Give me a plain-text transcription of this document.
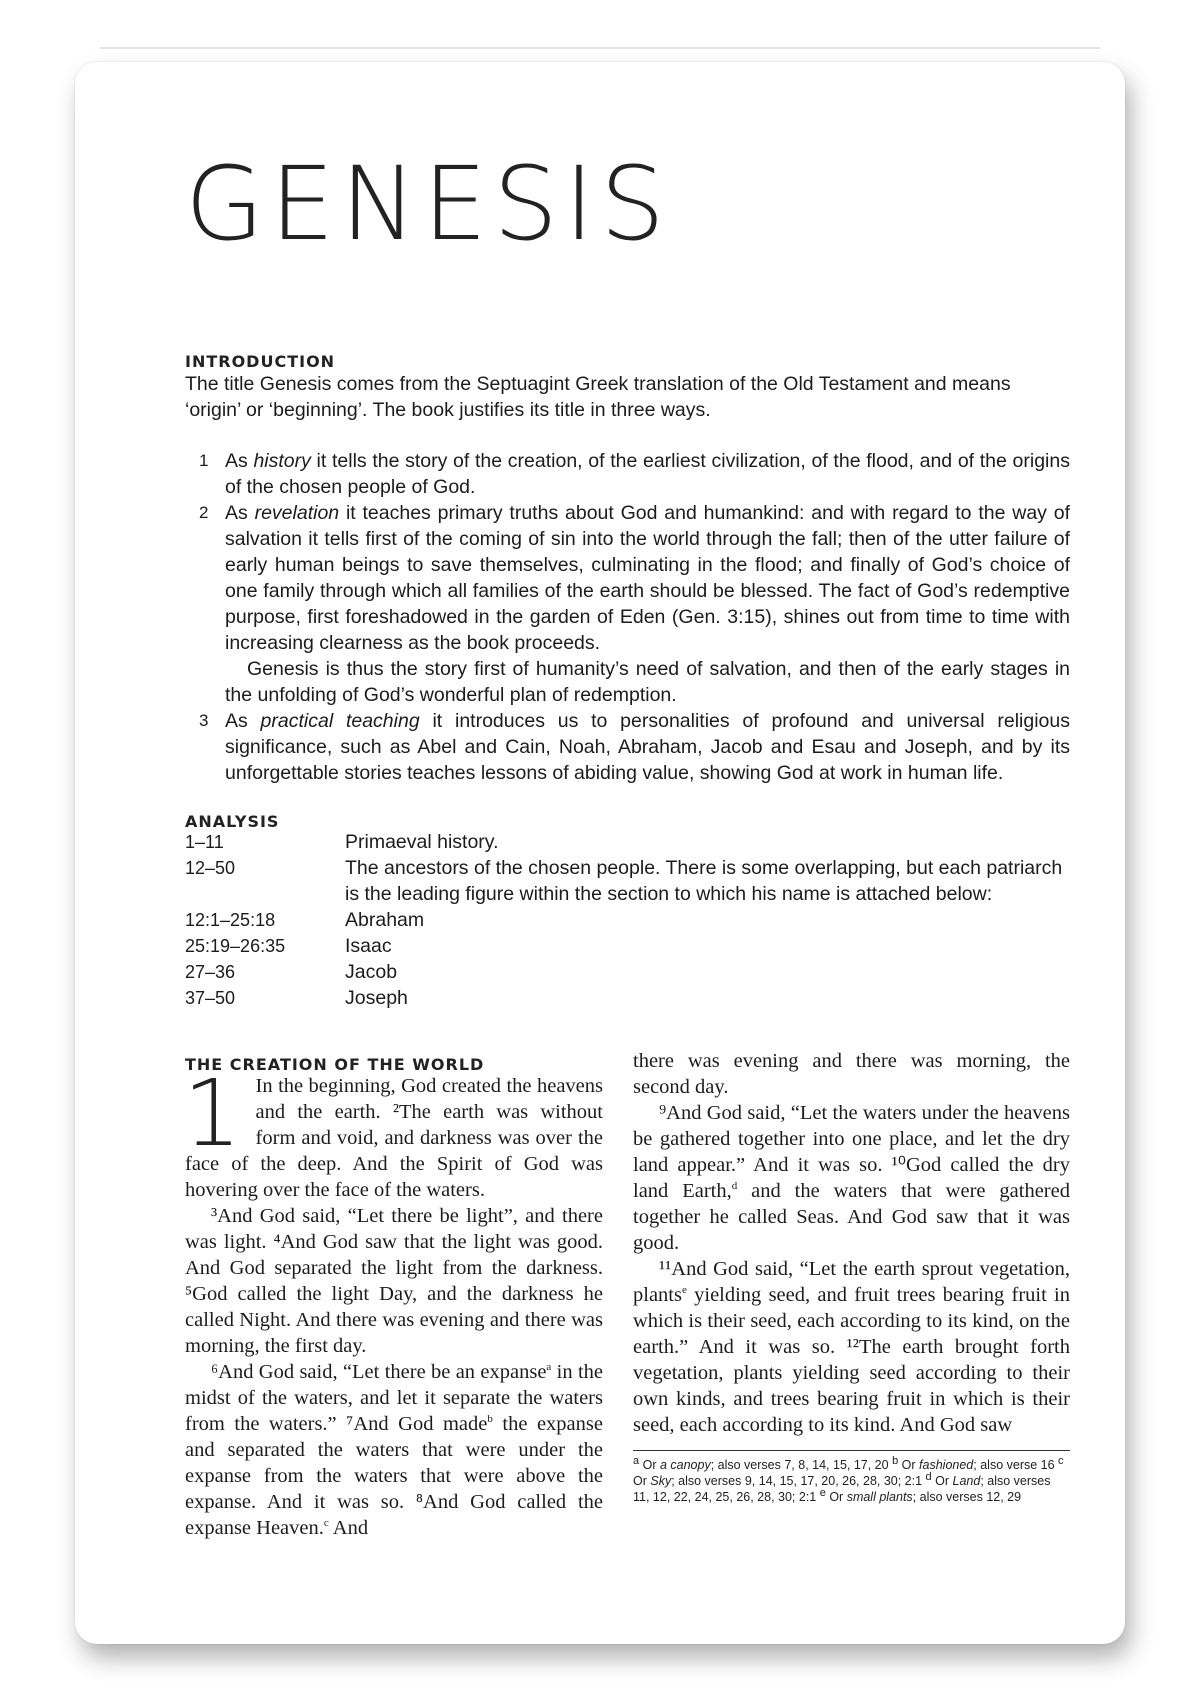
GENESIS
INTRODUCTION
The title Genesis comes from the Septuagint Greek translation of the Old Testament and means ‘origin’ or ‘beginning’. The book justifies its title in three ways.
1 As history it tells the story of the creation, of the earliest civilization, of the flood, and of the origins of the chosen people of God.
2 As revelation it teaches primary truths about God and humankind: and with regard to the way of salvation it tells first of the coming of sin into the world through the fall; then of the utter failure of early human beings to save themselves, culminating in the flood; and finally of God’s choice of one family through which all families of the earth should be blessed. The fact of God’s redemptive purpose, first foreshadowed in the garden of Eden (Gen. 3:15), shines out from time to time with increasing clearness as the book proceeds.
Genesis is thus the story first of humanity’s need of salvation, and then of the early stages in the unfolding of God’s wonderful plan of redemption.
3 As practical teaching it introduces us to personalities of profound and universal religious significance, such as Abel and Cain, Noah, Abraham, Jacob and Esau and Joseph, and by its unforgettable stories teaches lessons of abiding value, showing God at work in human life.
ANALYSIS
1–11	Primaeval history.
12–50	The ancestors of the chosen people. There is some overlapping, but each patriarch is the leading figure within the section to which his name is attached below:
12:1–25:18	Abraham
25:19–26:35	Isaac
27–36	Jacob
37–50	Joseph
THE CREATION OF THE WORLD

1 In the beginning, God created the heavens and the earth. ²The earth was without form and void, and darkness was over the face of the deep. And the Spirit of God was hovering over the face of the waters.

³And God said, “Let there be light”, and there was light. ⁴And God saw that the light was good. And God separated the light from the darkness. ⁵God called the light Day, and the darkness he called Night. And there was evening and there was morning, the first day.

⁶And God said, “Let there be an expanse$^a$ in the midst of the waters, and let it separate the waters from the waters.” ⁷And God made$^b$ the expanse and separated the waters that were under the expanse from the waters that were above the expanse. And it was so. ⁸And God called the expanse Heaven.$^c$ And

there was evening and there was morning, the second day.

⁹And God said, “Let the waters under the heavens be gathered together into one place, and let the dry land appear.” And it was so. ¹⁰God called the dry land Earth,$^d$ and the waters that were gathered together he called Seas. And God saw that it was good.

¹¹And God said, “Let the earth sprout vegetation, plants$^e$ yielding seed, and fruit trees bearing fruit in which is their seed, each according to its kind, on the earth.” And it was so. ¹²The earth brought forth vegetation, plants yielding seed according to their own kinds, and trees bearing fruit in which is their seed, each according to its kind. And God saw

$^a$ Or a canopy; also verses 7, 8, 14, 15, 17, 20 $^b$ Or fashioned; also verse 16 $^c$ Or Sky; also verses 9, 14, 15, 17, 20, 26, 28, 30; 2:1 $^d$ Or Land; also verses 11, 12, 22, 24, 25, 26, 28, 30; 2:1 $^e$ Or small plants; also verses 12, 29
